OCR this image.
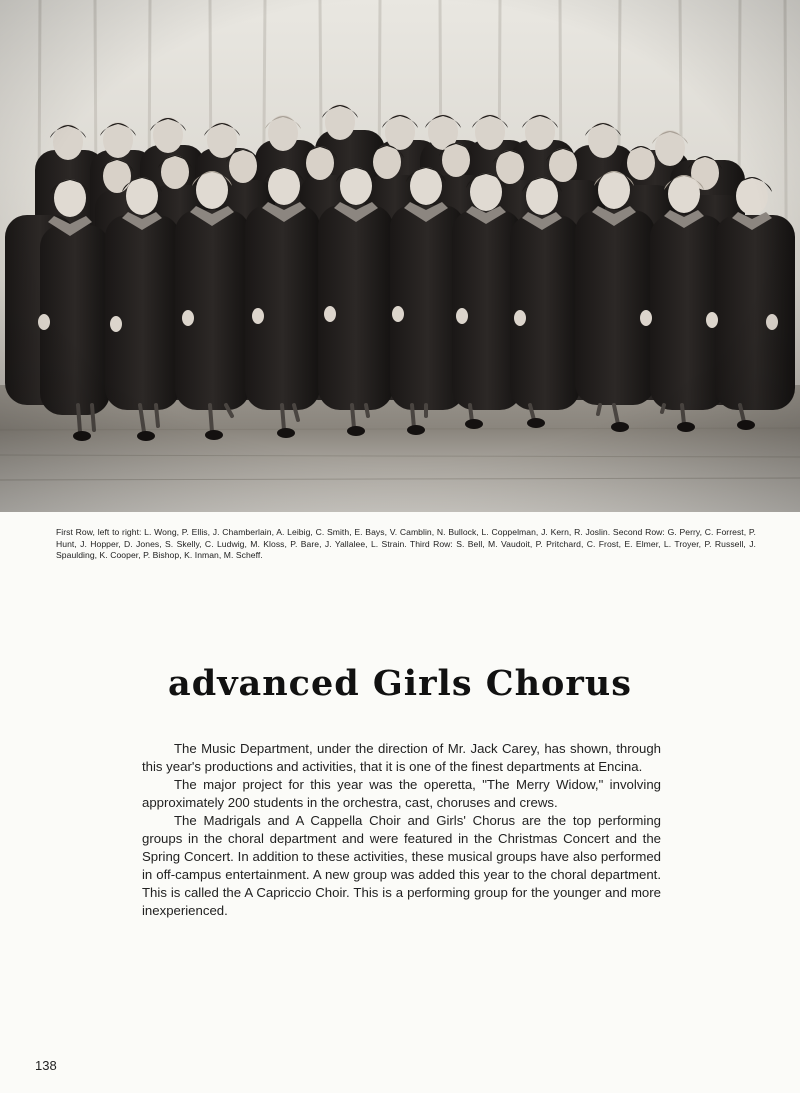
First Row, left to right: L. Wong, P. Ellis, J. Chamberlain, A. Leibig, C. Smith, E. Bays, V. Camblin, N. Bullock, L. Coppelman, J. Kern, R. Joslin. Second Row: G. Perry, C. Forrest, P. Hunt, J. Hopper, D. Jones, S. Skelly, C. Ludwig, M. Kloss, P. Bare, J. Yallalee, L. Strain. Third Row: S. Bell, M. Vaudoit, P. Pritchard, C. Frost, E. Elmer, L. Troyer, P. Russell, J. Spaulding, K. Cooper, P. Bishop, K. Inman, M. Scheff.
advanced Girls Chorus

The Music Department, under the direction of Mr. Jack Carey, has shown, through this year's productions and activities, that it is one of the finest departments at Encina.

The major project for this year was the operetta, "The Merry Widow," involving approximately 200 students in the orchestra, cast, choruses and crews.

The Madrigals and A Cappella Choir and Girls' Chorus are the top performing groups in the choral department and were featured in the Christmas Concert and the Spring Concert. In addition to these activities, these musical groups have also performed in off-campus entertainment. A new group was added this year to the choral department. This is called the A Capriccio Choir. This is a performing group for the younger and more inexperienced.

138
